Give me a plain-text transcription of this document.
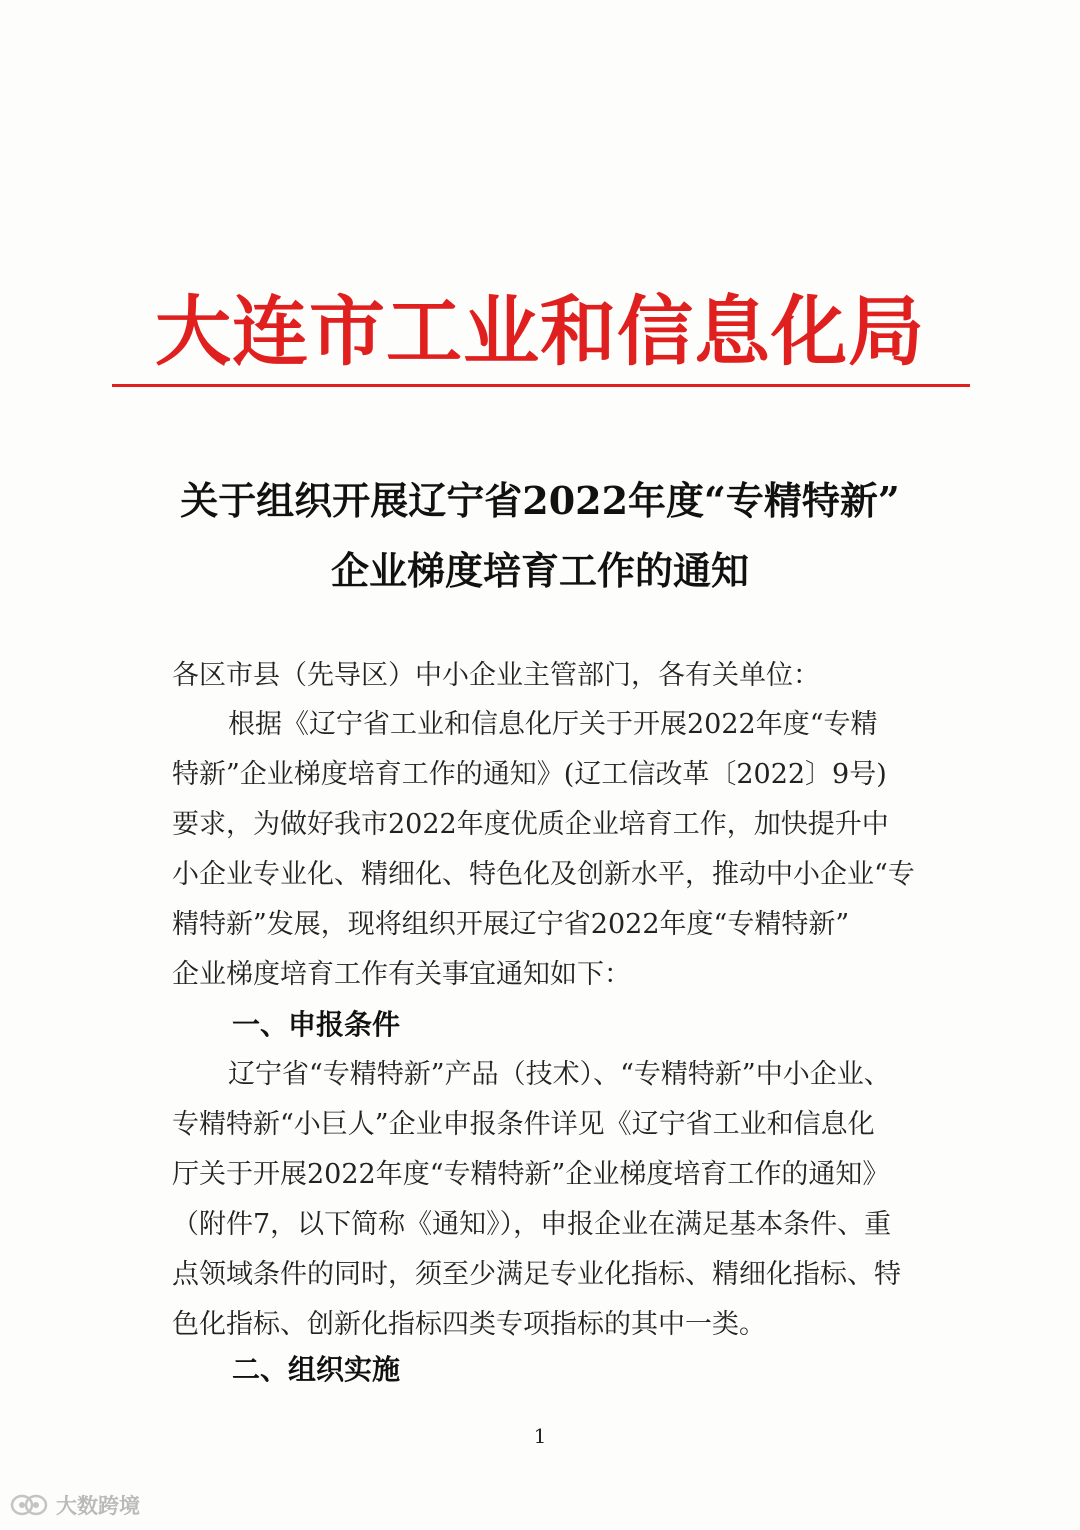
大连市工业和信息化局
关于组织开展辽宁省2022年度“专精特新”
企业梯度培育工作的通知
各区市县（先导区）中小企业主管部门，各有关单位：
根据《辽宁省工业和信息化厅关于开展2022年度“专精
特新”企业梯度培育工作的通知》(辽工信改革〔2022〕9号)
要求，为做好我市2022年度优质企业培育工作，加快提升中
小企业专业化、精细化、特色化及创新水平，推动中小企业“专
精特新”发展，现将组织开展辽宁省2022年度“专精特新”
企业梯度培育工作有关事宜通知如下：
一、申报条件
辽宁省“专精特新”产品（技术）、“专精特新”中小企业、
专精特新“小巨人”企业申报条件详见《辽宁省工业和信息化
厅关于开展2022年度“专精特新”企业梯度培育工作的通知》
（附件7，以下简称《通知》），申报企业在满足基本条件、重
点领域条件的同时，须至少满足专业化指标、精细化指标、特
色化指标、创新化指标四类专项指标的其中一类。
二、组织实施
1
大数跨境
